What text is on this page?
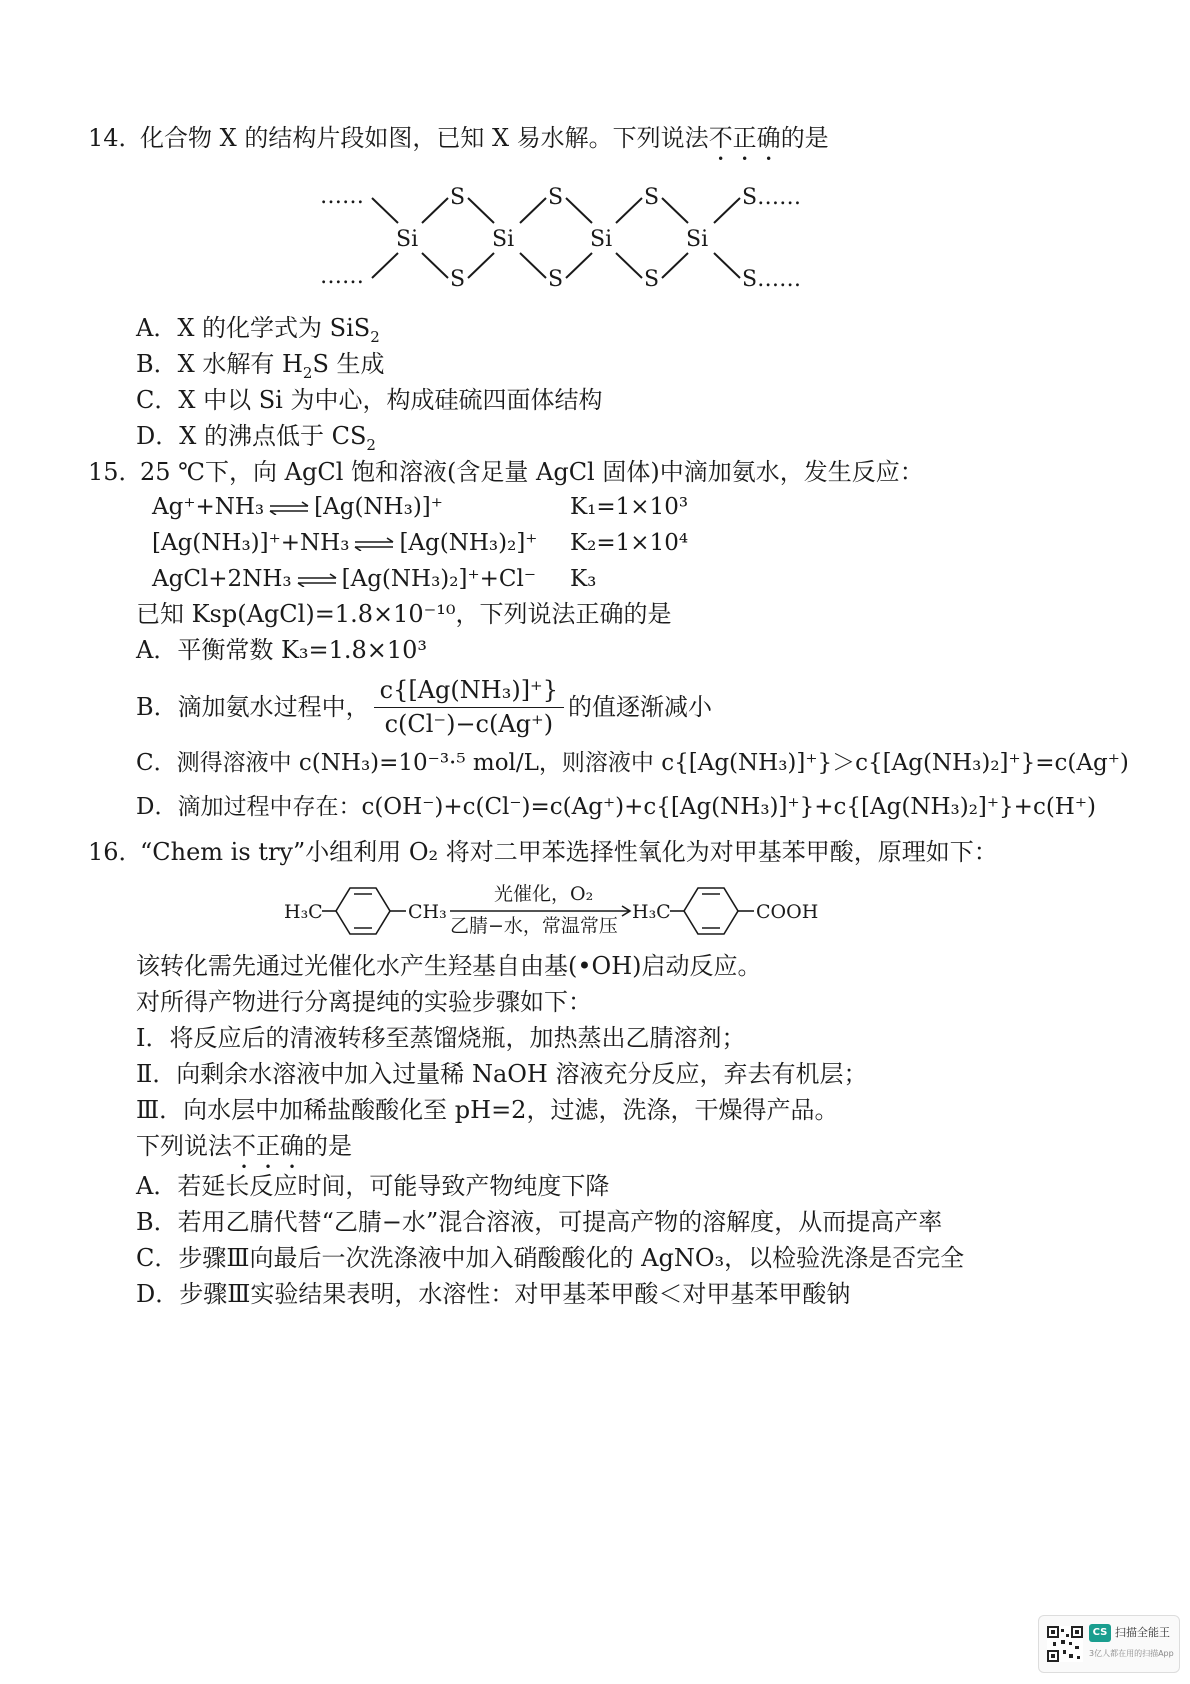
14．化合物 X 的结构片段如图，已知 X 易水解。下列说法不正确的是
……
……
Si	Si	Si	Si
S
S
S
S
S
S
S……
S……
A．X 的化学式为 SiS$_2$
B．X 水解有 $H_2S$ 生成
C．X 中以 Si 为中心，构成硅硫四面体结构
D．X 的沸点低于 $CS_2$
15．25 ℃下，向 AgCl 饱和溶液(含足量 AgCl 固体)中滴加氨水，发生反应：
Ag⁺+NH₃ ⇌ [Ag(NH₃)]⁺	K₁=1×10³
[Ag(NH₃)]⁺+NH₃ ⇌ [Ag(NH₃)₂]⁺ K₂=1×10⁴
AgCl+2NH₃ ⇌ [Ag(NH₃)₂]⁺+Cl⁻ K₃
已知 Ksp(AgCl)=1.8×10⁻¹⁰，下列说法正确的是
A．平衡常数 K₃=1.8×10³
B．滴加氨水过程中， $\frac{\text{c\{[Ag(NH₃)]⁺\}}}{c(Cl^-)-c(Ag^+)}$ 的值逐渐减小
C．测得溶液中 c(NH₃)=10⁻³·⁵ mol/L，则溶液中 c{[Ag(NH₃)]⁺}＞c{[Ag(NH₃)₂]⁺}=c(Ag⁺)
D．滴加过程中存在：c(OH⁻)+c(Cl⁻)=c(Ag⁺)+c{[Ag(NH₃)]⁺}+c{[Ag(NH₃)₂]⁺}+c(H⁺)
16．“Chem is try”小组利用 O₂ 将对二甲苯选择性氧化为对甲基苯甲酸，原理如下：
H₃C	CH₃
光催化，O₂
乙腈−水，常温常压
H₃C	COOH
该转化需先通过光催化水产生羟基自由基(•OH)启动反应。
对所得产物进行分离提纯的实验步骤如下：
Ⅰ．将反应后的清液转移至蒸馏烧瓶，加热蒸出乙腈溶剂；
Ⅱ．向剩余水溶液中加入过量稀 NaOH 溶液充分反应，弃去有机层；
Ⅲ．向水层中加稀盐酸酸化至 pH=2，过滤，洗涤，干燥得产品。
下列说法不正确的是
A．若延长反应时间，可能导致产物纯度下降
B．若用乙腈代替“乙腈−水”混合溶液，可提高产物的溶解度，从而提高产率
C．步骤Ⅲ向最后一次洗涤液中加入硝酸酸化的 AgNO₃，以检验洗涤是否完全
D．步骤Ⅲ实验结果表明，水溶性：对甲基苯甲酸＜对甲基苯甲酸钠
CS 扫描全能王
3亿人都在用的扫描App
